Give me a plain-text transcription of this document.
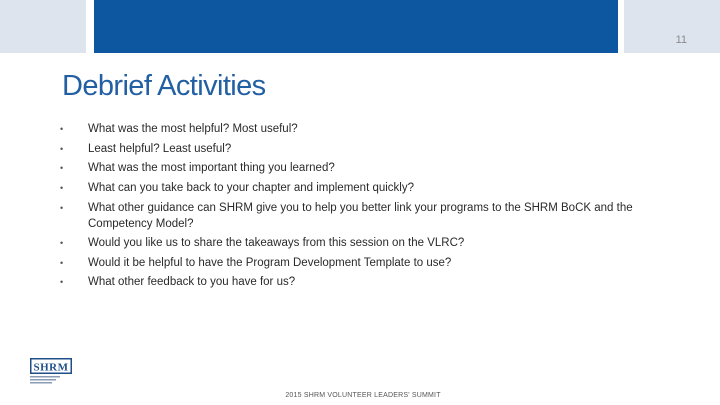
11
Debrief Activities
•	What was the most helpful? Most useful?
•	Least helpful? Least useful?
•	What was the most important thing you learned?
•	What can you take back to your chapter and implement quickly?
•	What other guidance can SHRM give you to help you better link your programs to the SHRM BoCK and the Competency Model?
•	Would you like us to share the takeaways from this session on the VLRC?
•	Would it be helpful to have the Program Development Template to use?
•	What other feedback to you have for us?
SHRM
2015 SHRM VOLUNTEER LEADERS' SUMMIT
